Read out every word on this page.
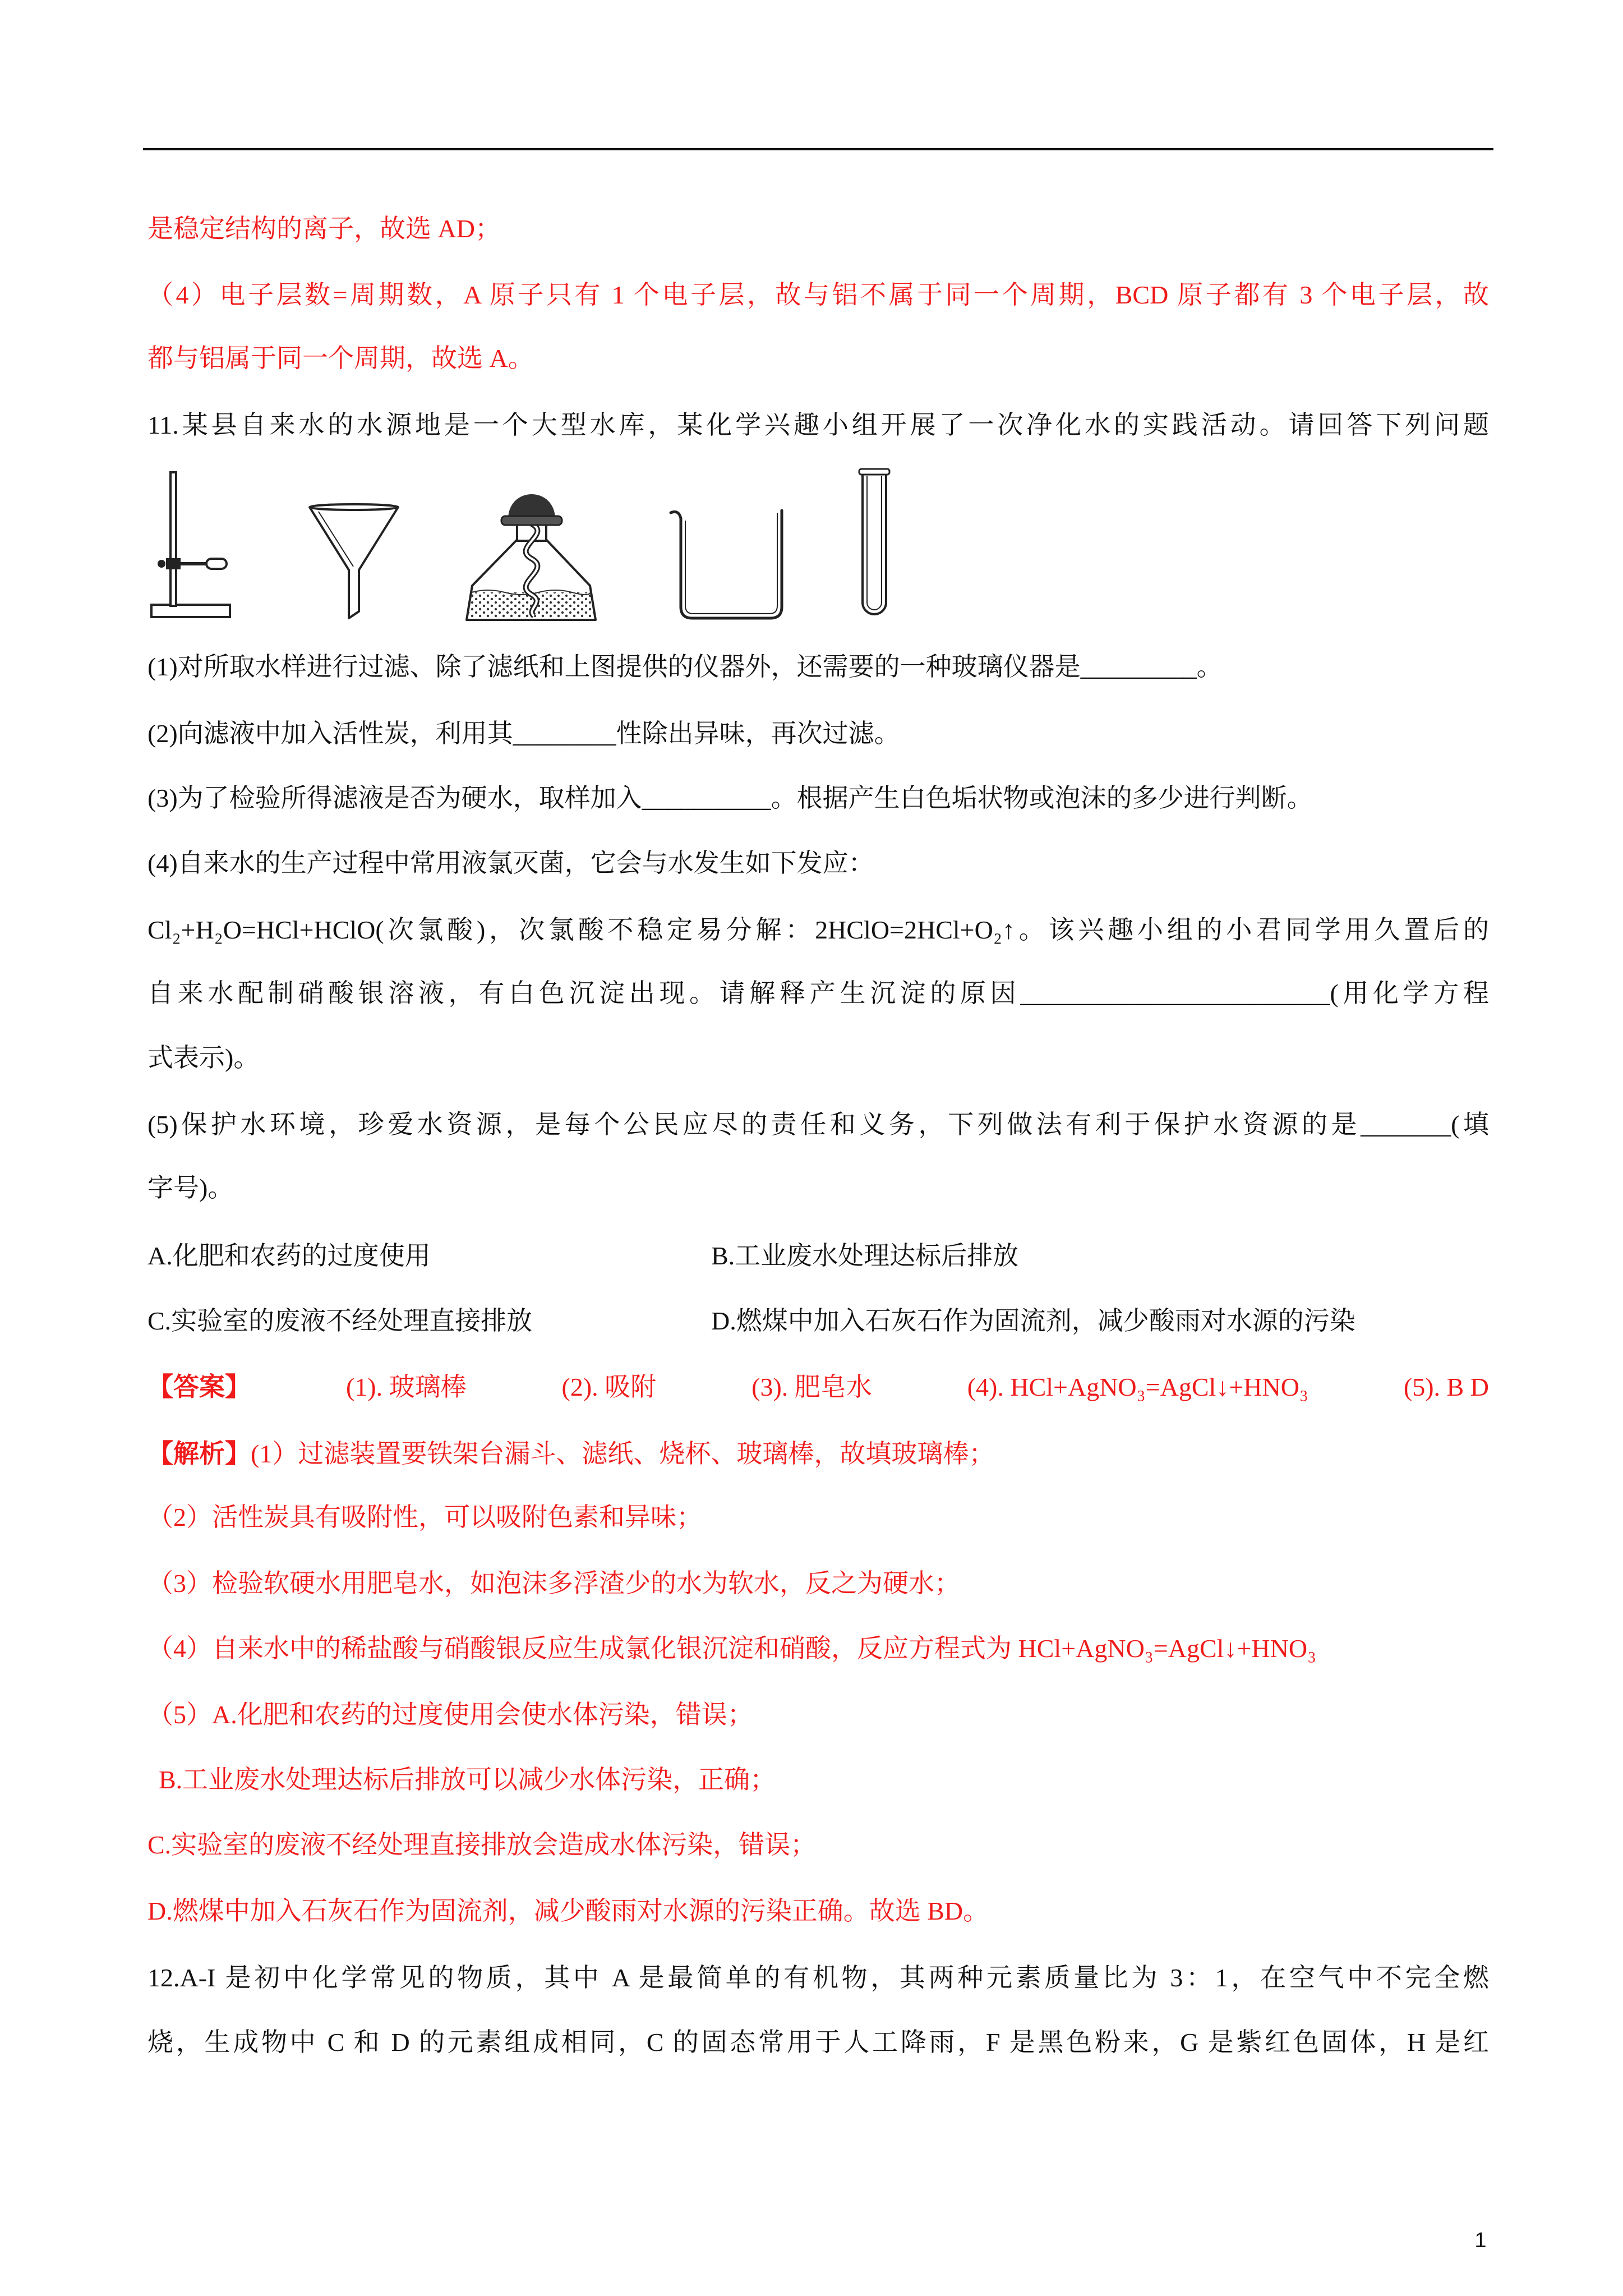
是稳定结构的离子，故选 AD；
（4）电子层数=周期数，A 原子只有 1 个电子层，故与铝不属于同一个周期，BCD 原子都有 3 个电子层，故
都与铝属于同一个周期，故选 A。
11.某县自来水的水源地是一个大型水库，某化学兴趣小组开展了一次净化水的实践活动。请回答下列问题
(1)对所取水样进行过滤、除了滤纸和上图提供的仪器外，还需要的一种玻璃仪器是_________。
(2)向滤液中加入活性炭，利用其________性除出异味，再次过滤。
(3)为了检验所得滤液是否为硬水，取样加入__________。根据产生白色垢状物或泡沫的多少进行判断。
(4)自来水的生产过程中常用液氯灭菌，它会与水发生如下发应：
Cl₂+H₂O=HCl+HClO(次氯酸)，次氯酸不稳定易分解：2HClO=2HCl+O₂↑。该兴趣小组的小君同学用久置后的
自来水配制硝酸银溶液，有白色沉淀出现。请解释产生沉淀的原因________________________(用化学方程
式表示)。
(5)保护水环境，珍爱水资源，是每个公民应尽的责任和义务，下列做法有利于保护水资源的是_______(填
字号)。
A.化肥和农药的过度使用	B.工业废水处理达标后排放
C.实验室的废液不经处理直接排放	D.燃煤中加入石灰石作为固流剂，减少酸雨对水源的污染
【答案】	(1). 玻璃棒	(2). 吸附	(3). 肥皂水	(4). HCl+AgNO₃=AgCl↓+HNO₃	(5). B D
【解析】(1）过滤装置要铁架台漏斗、滤纸、烧杯、玻璃棒，故填玻璃棒；
（2）活性炭具有吸附性，可以吸附色素和异味；
（3）检验软硬水用肥皂水，如泡沫多浮渣少的水为软水，反之为硬水；
（4）自来水中的稀盐酸与硝酸银反应生成氯化银沉淀和硝酸，反应方程式为 HCl+AgNO₃=AgCl↓+HNO₃
（5）A.化肥和农药的过度使用会使水体污染，错误；
B.工业废水处理达标后排放可以减少水体污染，正确；
C.实验室的废液不经处理直接排放会造成水体污染，错误；
D.燃煤中加入石灰石作为固流剂，减少酸雨对水源的污染正确。故选 BD。
12.A-I 是初中化学常见的物质，其中 A 是最简单的有机物，其两种元素质量比为 3：1，在空气中不完全燃
烧，生成物中 C 和 D 的元素组成相同，C 的固态常用于人工降雨，F 是黑色粉来，G 是紫红色固体，H 是红
1
